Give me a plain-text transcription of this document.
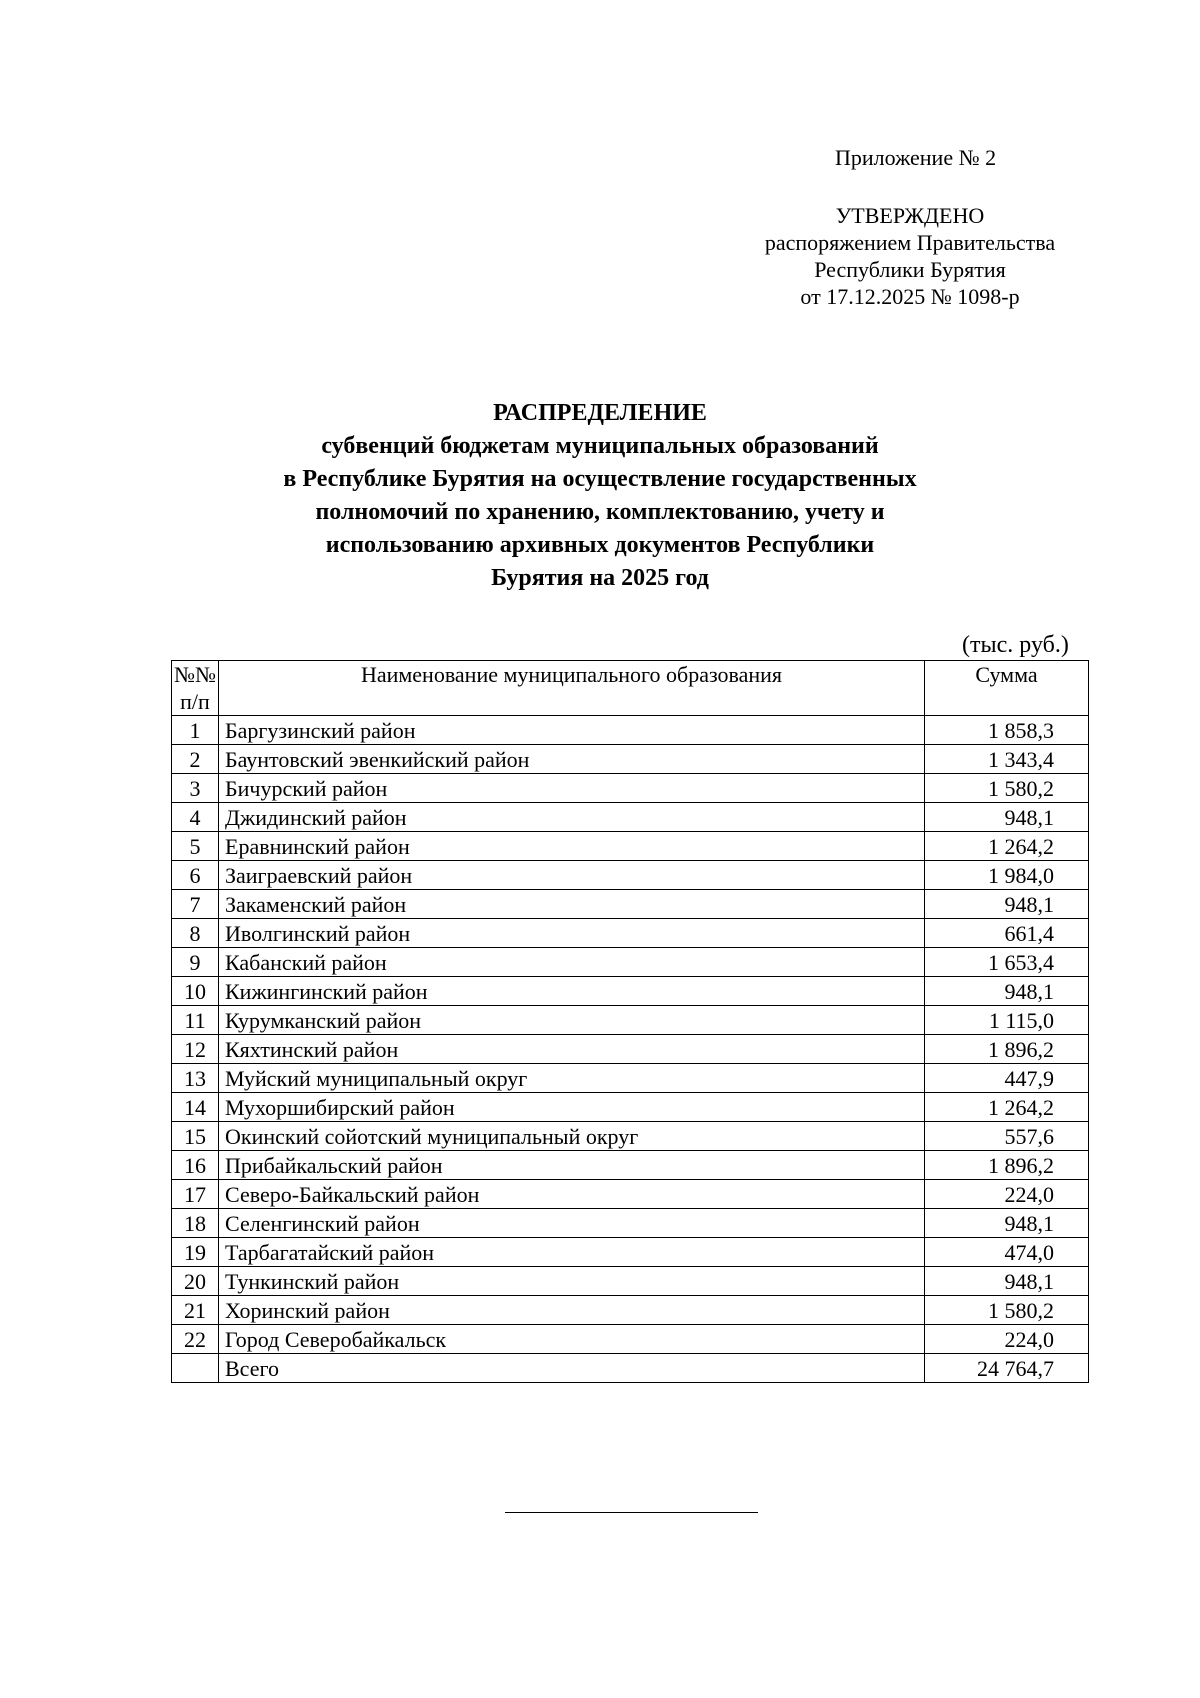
Приложение № 2
УТВЕРЖДЕНО
распоряжением Правительства
Республики Бурятия
от 17.12.2025 № 1098-р
РАСПРЕДЕЛЕНИЕ
субвенций бюджетам муниципальных образований
в Республике Бурятия на осуществление государственных
полномочий по хранению, комплектованию, учету и
использованию архивных документов Республики
Бурятия на 2025 год
(тыс. руб.)
№№
п/п	Наименование муниципального образования	Сумма
1	Баргузинский район	1 858,3
2	Баунтовский эвенкийский район	1 343,4
3	Бичурский район	1 580,2
4	Джидинский район	948,1
5	Еравнинский район	1 264,2
6	Заиграевский район	1 984,0
7	Закаменский район	948,1
8	Иволгинский район	661,4
9	Кабанский район	1 653,4
10	Кижингинский район	948,1
11	Курумканский район	1 115,0
12	Кяхтинский район	1 896,2
13	Муйский муниципальный округ	447,9
14	Мухоршибирский район	1 264,2
15	Окинский сойотский муниципальный округ	557,6
16	Прибайкальский район	1 896,2
17	Северо-Байкальский район	224,0
18	Селенгинский район	948,1
19	Тарбагатайский район	474,0
20	Тункинский район	948,1
21	Хоринский район	1 580,2
22	Город Северобайкальск	224,0
	Всего	24 764,7
